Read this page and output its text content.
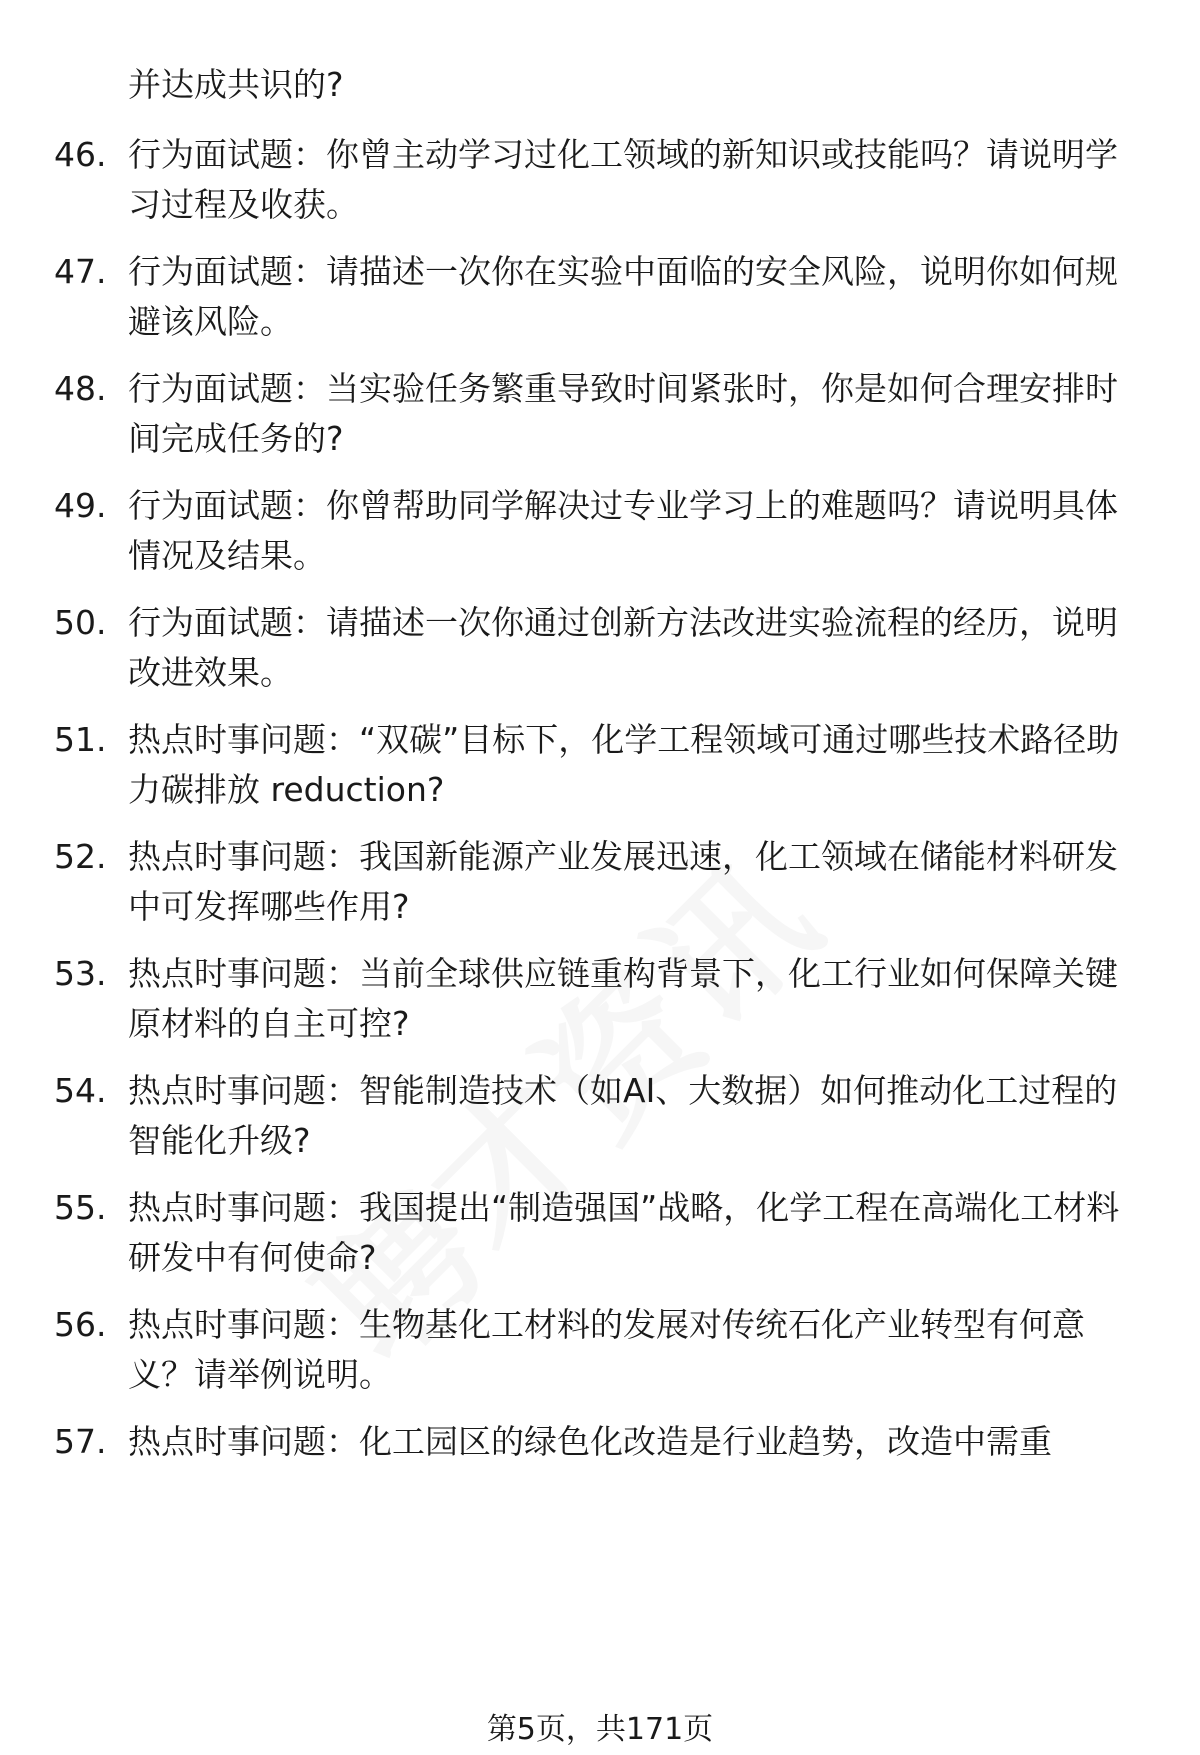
并达成共识的?

46. 行为面试题：你曾主动学习过化工领域的新知识或技能吗？请说明学习过程及收获。

47. 行为面试题：请描述一次你在实验中面临的安全风险，说明你如何规避该风险。

48. 行为面试题：当实验任务繁重导致时间紧张时，你是如何合理安排时间完成任务的?

49. 行为面试题：你曾帮助同学解决过专业学习上的难题吗？请说明具体情况及结果。

50. 行为面试题：请描述一次你通过创新方法改进实验流程的经历，说明改进效果。

51. 热点时事问题：“双碳”目标下，化学工程领域可通过哪些技术路径助力碳排放 reduction?

52. 热点时事问题：我国新能源产业发展迅速，化工领域在储能材料研发中可发挥哪些作用?

53. 热点时事问题：当前全球供应链重构背景下，化工行业如何保障关键原材料的自主可控?

54. 热点时事问题：智能制造技术（如AI、大数据）如何推动化工过程的智能化升级?

55. 热点时事问题：我国提出“制造强国”战略，化学工程在高端化工材料研发中有何使命?

56. 热点时事问题：生物基化工材料的发展对传统石化产业转型有何意义？请举例说明。

57. 热点时事问题：化工园区的绿色化改造是行业趋势，改造中需重

第5页，共171页
